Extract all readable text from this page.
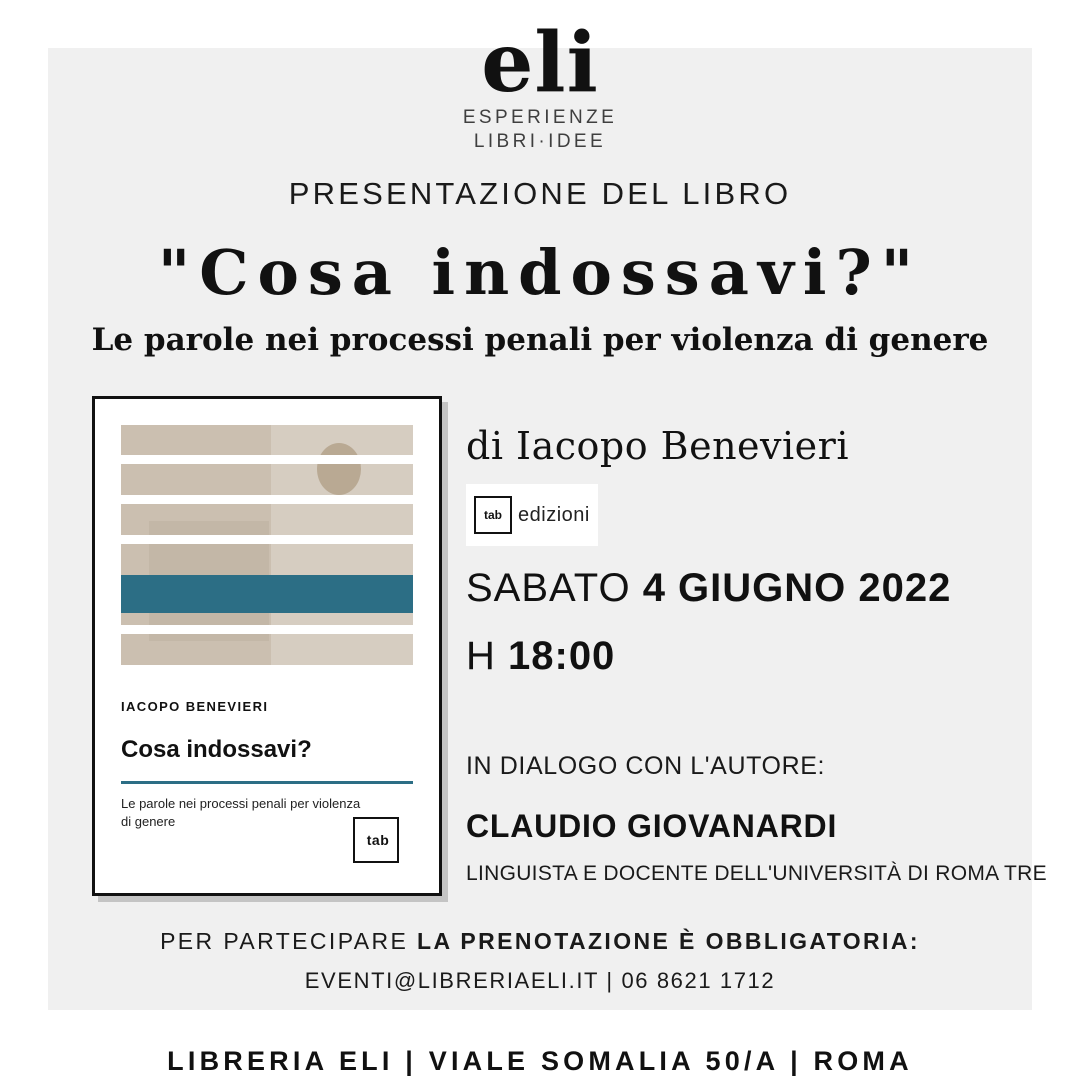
eli
ESPERIENZE
LIBRI·IDEE
PRESENTAZIONE DEL LIBRO
"Cosa indossavi?"
Le parole nei processi penali per violenza di genere
IACOPO BENEVIERI
Cosa indossavi?
Le parole nei processi penali per violenza di genere
tab
di Iacopo Benevieri
tab edizioni
SABATO 4 GIUGNO 2022
H 18:00
IN DIALOGO CON L'AUTORE:
CLAUDIO GIOVANARDI
LINGUISTA E DOCENTE DELL'UNIVERSITÀ DI ROMA TRE
PER PARTECIPARE LA PRENOTAZIONE È OBBLIGATORIA:
EVENTI@LIBRERIAELI.IT | 06 8621 1712
LIBRERIA ELI | VIALE SOMALIA 50/A | ROMA
